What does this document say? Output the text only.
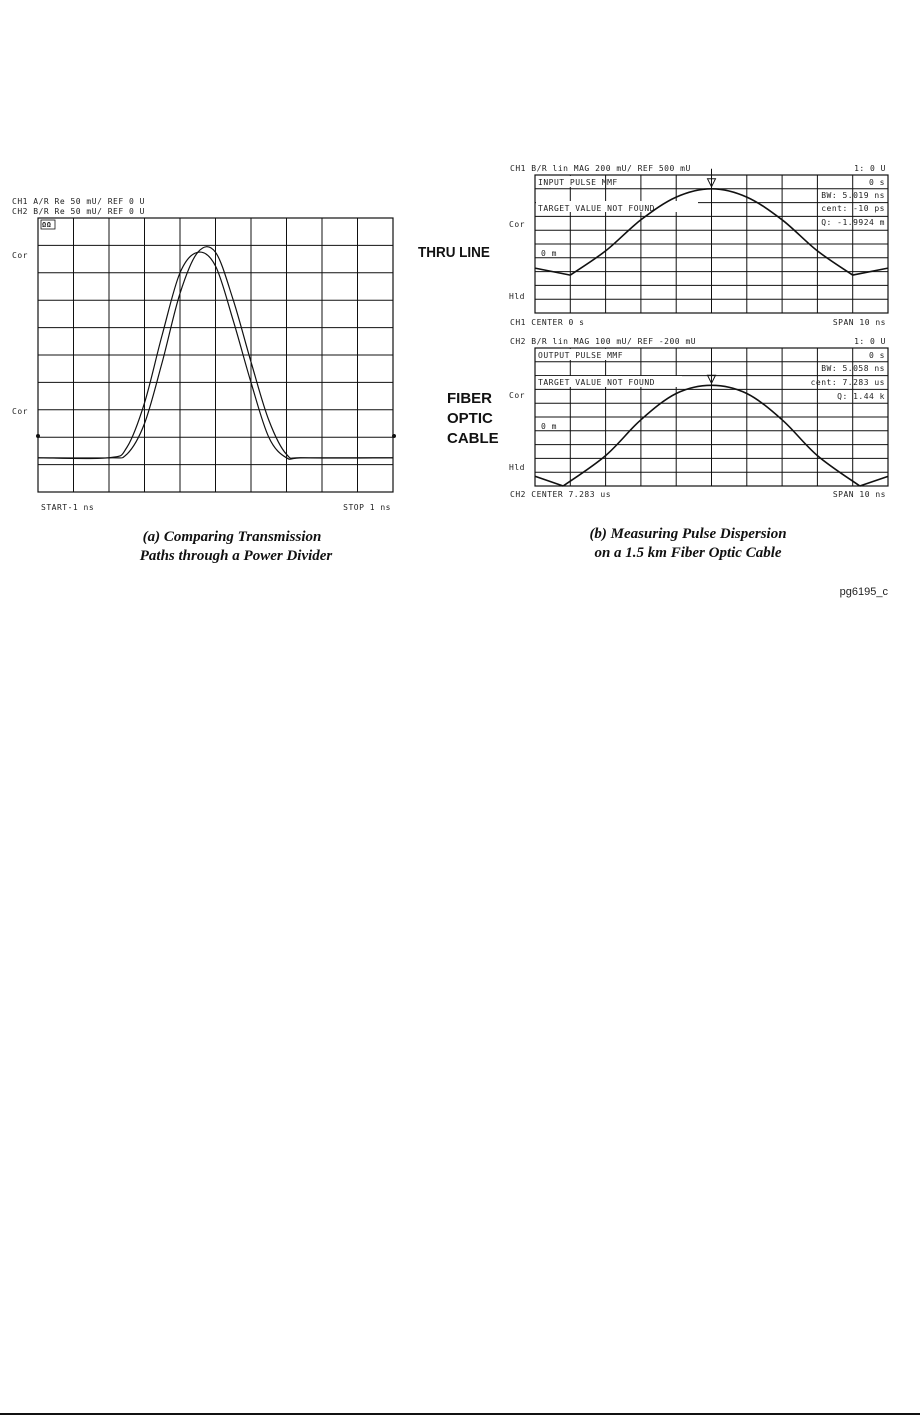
CH1 A/R Re 50 mU/ REF 0 U
CH2 B/R Re 50 mU/ REF 0 U
ΩΩ
Cor
Cor
START-1 ns	STOP 1 ns
(a) Comparing Transmission
Paths through a Power Divider
CH1 B/R lin MAG 200 mU/ REF 500 mU	1: 0 U
INPUT PULSE MMF
TARGET VALUE NOT FOUND
0 m
0 s
BW: 5.019 ns
cent: -10 ps
Q: -1.9924 m
Cor
Hld
CH1 CENTER 0 s	SPAN 10 ns
THRU LINE
CH2 B/R lin MAG 100 mU/ REF -200 mU	1: 0 U
OUTPUT PULSE MMF
TARGET VALUE NOT FOUND
0 m
0 s
BW: 5.058 ns
cent: 7.283 us
Q: 1.44 k
Cor
Hld
CH2 CENTER 7.283 us	SPAN 10 ns
FIBER
OPTIC
CABLE
(b) Measuring Pulse Dispersion
on a 1.5 km Fiber Optic Cable
pg6195_c
